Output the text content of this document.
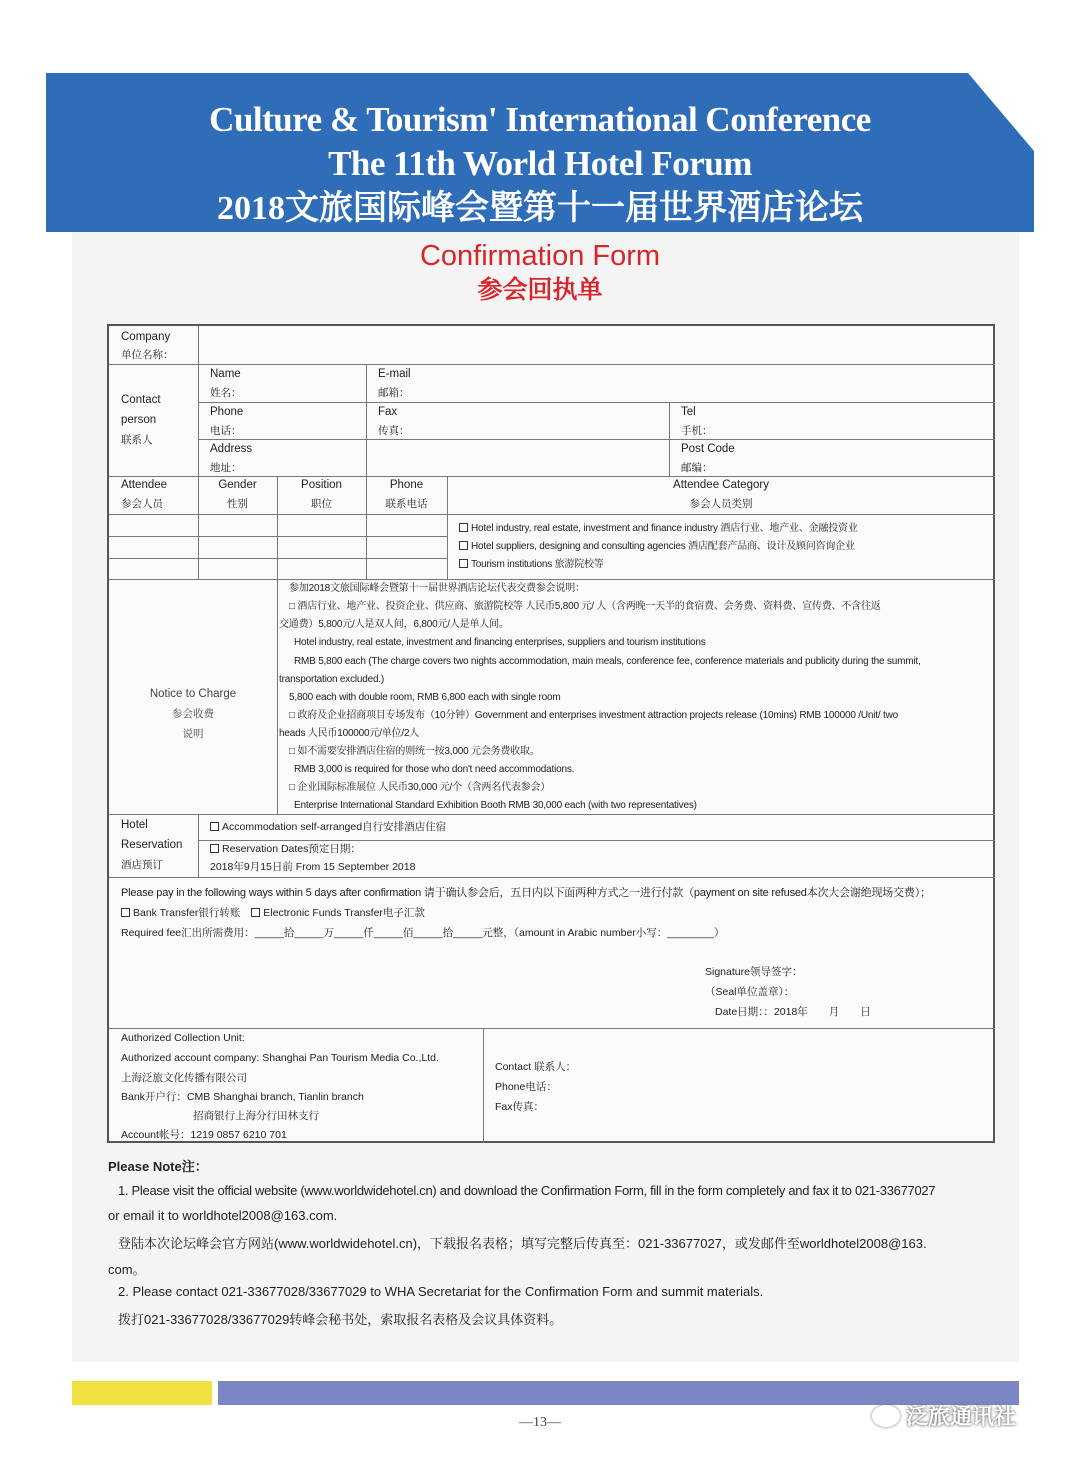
Culture & Tourism' International Conference
The 11th World Hotel Forum
2018文旅国际峰会暨第十一届世界酒店论坛
Confirmation Form
参会回执单
Company
单位名称：
Contact
person
联系人
Name
姓名：
E-mail
邮箱：
Phone
电话：
Fax
传真：
Tel
手机：
Address
地址：
Post Code
邮编：
Attendee
参会人员
Gender
性别
Position
职位
Phone
联系电话
Attendee Category
参会人员类别
Hotel industry, real estate, investment and finance industry 酒店行业、地产业、金融投资业
Hotel suppliers, designing and consulting agencies 酒店配套产品商、设计及顾问咨询企业
Tourism institutions 旅游院校等
Notice to Charge
参会收费
说明
参加2018文旅国际峰会暨第十一届世界酒店论坛代表交费参会说明：
□ 酒店行业、地产业、投资企业、供应商、旅游院校等 人民币5,800 元/ 人（含两晚一天半的食宿费、会务费、资料费、宣传费、不含往返
交通费）5,800元/人是双人间，6,800元/人是单人间。
Hotel industry, real estate, investment and financing enterprises, suppliers and tourism institutions
RMB 5,800 each (The charge covers two nights accommodation, main meals, conference fee, conference materials and publicity during the summit,
transportation excluded.)
5,800 each with double room, RMB 6,800 each with single room
□ 政府及企业招商项目专场发布（10分钟）Government and enterprises investment attraction projects release (10mins) RMB 100000 /Unit/ two
heads 人民币100000元/单位/2人
□ 如不需要安排酒店住宿的则统一按3,000 元会务费收取。
RMB 3,000 is required for those who don't need accommodations.
□ 企业国际标准展位 人民币30,000 元/个（含两名代表参会）
Enterprise International Standard Exhibition Booth RMB 30,000 each (with two representatives)
Hotel
Reservation
酒店预订
Accommodation self-arranged自行安排酒店住宿
Reservation Dates预定日期：
2018年9月15日前 From 15 September 2018
Please pay in the following ways within 5 days after confirmation 请于确认参会后，五日内以下面两种方式之一进行付款（payment on site refused本次大会谢绝现场交费）；
Bank Transfer银行转账 Electronic Funds Transfer电子汇款
Required fee汇出所需费用：_____拾_____万_____仟_____佰_____拾_____元整，（amount in Arabic number小写：________）
Signature领导签字：
（Seal单位盖章）：
Date日期：：2018年　　月　　日
Authorized Collection Unit:
Authorized account company: Shanghai Pan Tourism Media Co.,Ltd.
上海泛旅文化传播有限公司
Bank开户行：CMB Shanghai branch, Tianlin branch
招商银行上海分行田林支行
Account帐号：1219 0857 6210 701
Contact 联系人：
Phone电话：
Fax传真：
Please Note注：
1. Please visit the official website (www.worldwidehotel.cn) and download the Confirmation Form, fill in the form completely and fax it to 021-33677027
or email it to worldhotel2008@163.com.
登陆本次论坛峰会官方网站(www.worldwidehotel.cn)，下载报名表格；填写完整后传真至：021-33677027，或发邮件至worldhotel2008@163.
com。
2. Please contact 021-33677028/33677029 to WHA Secretariat for the Confirmation Form and summit materials.
拨打021-33677028/33677029转峰会秘书处，索取报名表格及会议具体资料。
—13—	泛旅通讯社
